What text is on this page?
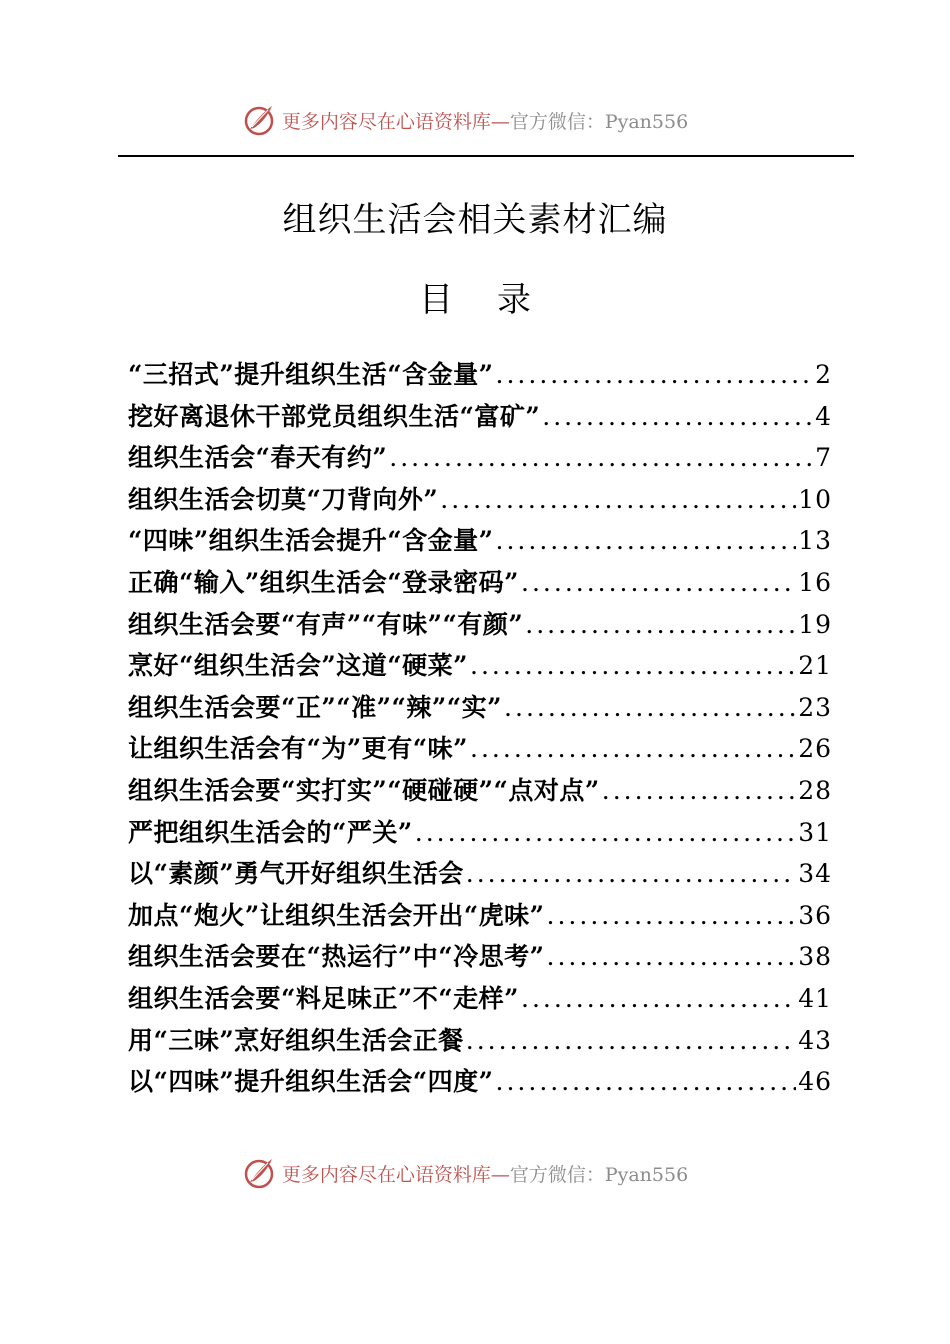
更多内容尽在心语资料库—官方微信：Pyan556
组织生活会相关素材汇编
目 录
“三招式”提升组织生活“含金量” .....	2
挖好离退休干部党员组织生活“富矿” .....	4
组织生活会“春天有约” .....	7
组织生活会切莫“刀背向外” .....	10
“四味”组织生活会提升“含金量” .....	13
正确“输入”组织生活会“登录密码” .....	16
组织生活会要“有声”“有味”“有颜” .....	19
烹好“组织生活会”这道“硬菜” .....	21
组织生活会要“正”“准”“辣”“实” .....	23
让组织生活会有“为”更有“味” .....	26
组织生活会要“实打实”“硬碰硬”“点对点” .....	28
严把组织生活会的“严关” .....	31
以“素颜”勇气开好组织生活会 .....	34
加点“炮火”让组织生活会开出“虎味” .....	36
组织生活会要在“热运行”中“冷思考” .....	38
组织生活会要“料足味正”不“走样” .....	41
用“三味”烹好组织生活会正餐 .....	43
以“四味”提升组织生活会“四度” .....	46
更多内容尽在心语资料库—官方微信：Pyan556
